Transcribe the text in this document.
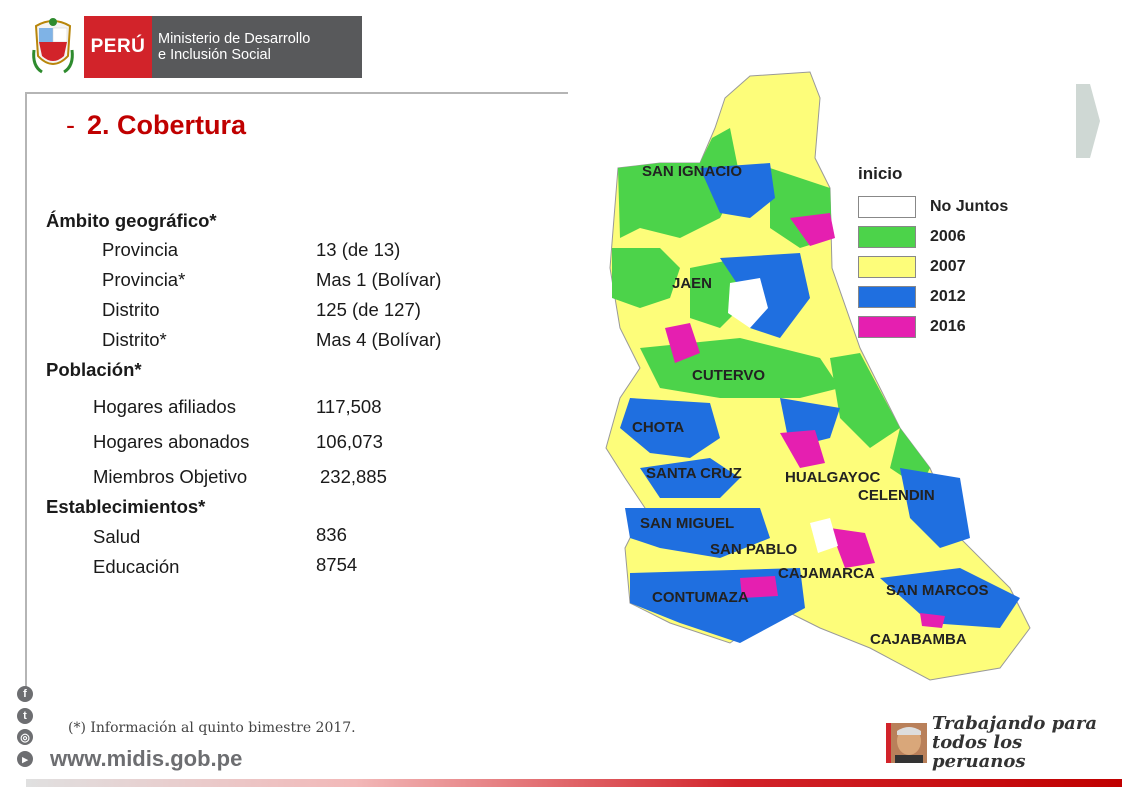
PERÚ Ministerio de Desarrollo
e Inclusión Social
- 2. Cobertura
Ámbito geográfico*
Provincia	13 (de 13)
Provincia*	Mas 1 (Bolívar)
Distrito	125 (de 127)
Distrito*	Mas 4 (Bolívar)
Población*
Hogares afiliados	117,508
Hogares abonados	106,073
Miembros Objetivo	232,885
Establecimientos*
Salud	836
Educación	8754
SAN IGNACIO
JAEN
CUTERVO
CHOTA
SANTA CRUZ	HUALGAYOC
CELENDIN
SAN MIGUEL
SAN PABLO
CAJAMARCA
CONTUMAZA	SAN MARCOS
CAJABAMBA
inicio
No Juntos
2006
2007
2012
2016
(*) Información al quinto bimestre 2017.
f
t
◎
▸ www.midis.gob.pe
Trabajando para
todos los peruanos
